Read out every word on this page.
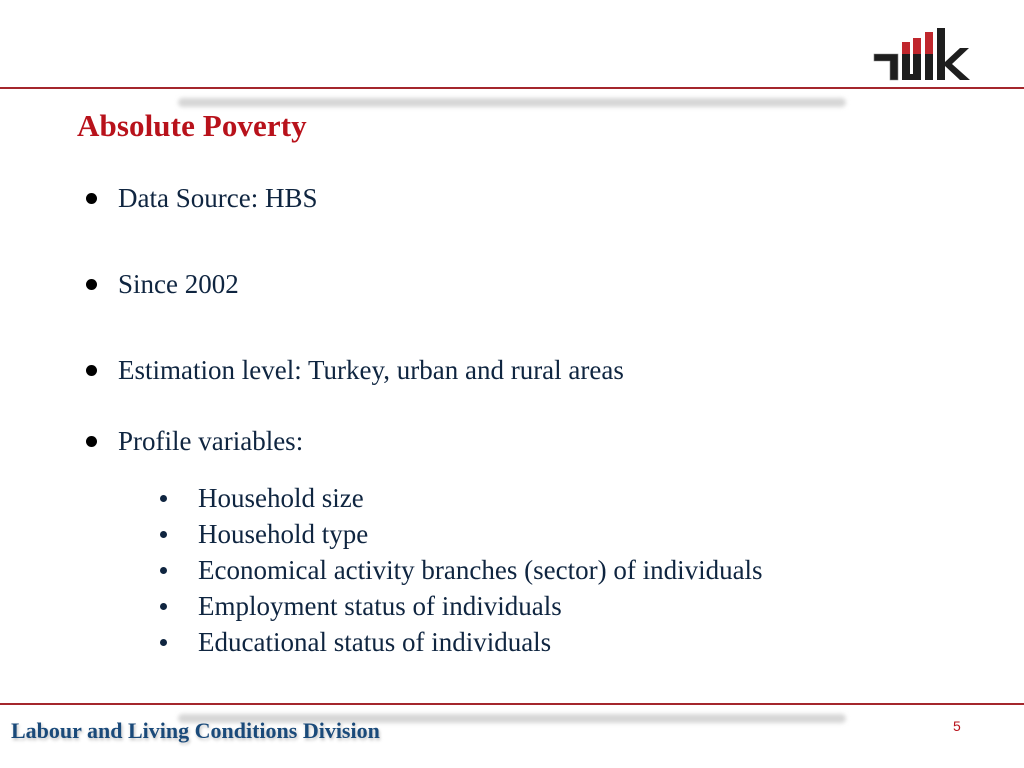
Absolute Poverty
Data Source: HBS
Since 2002
Estimation level: Turkey, urban and rural areas
Profile variables:
Household size
Household type
Economical activity branches (sector) of individuals
Employment status of individuals
Educational status of individuals
Labour and Living Conditions Division	5
